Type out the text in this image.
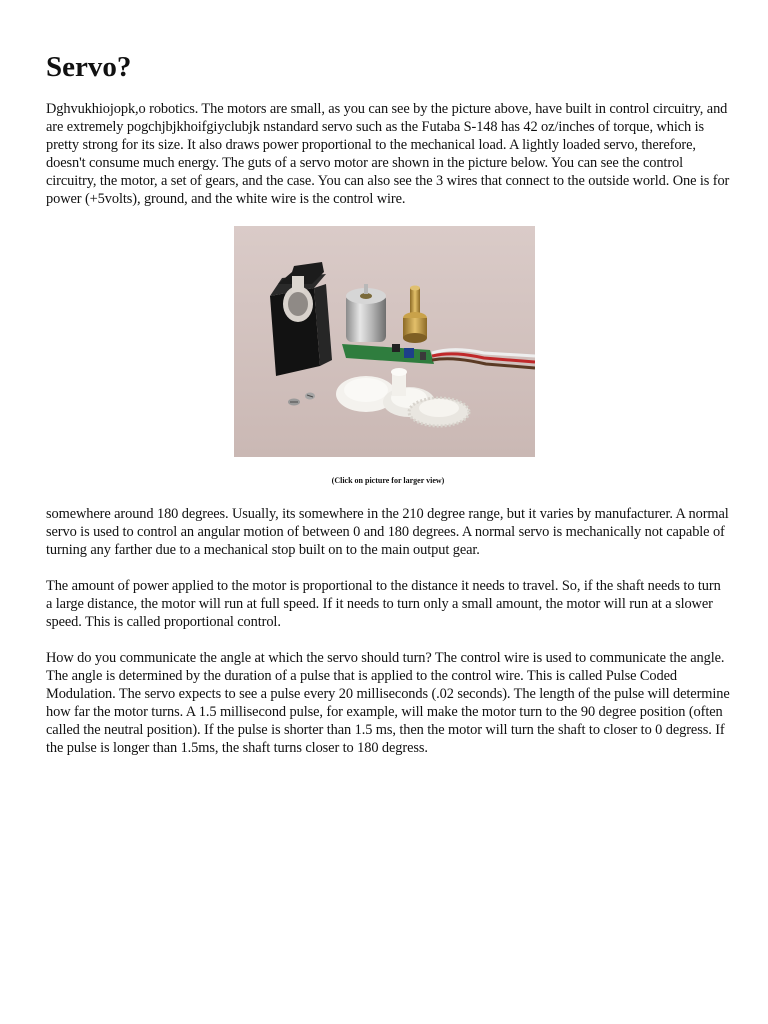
Servo?

Dghvukhiojopk,o robotics. The motors are small, as you can see by the picture above, have built in control circuitry, and are extremely pogchjbjkhoifgiyclubjk nstandard servo such as the Futaba S-148 has 42 oz/inches of torque, which is pretty strong for its size. It also draws power proportional to the mechanical load. A lightly loaded servo, therefore, doesn't consume much energy. The guts of a servo motor are shown in the picture below. You can see the control circuitry, the motor, a set of gears, and the case. You can also see the 3 wires that connect to the outside world. One is for power (+5volts), ground, and the white wire is the control wire.

(Click on picture for larger view)

somewhere around 180 degrees. Usually, its somewhere in the 210 degree range, but it varies by manufacturer. A normal servo is used to control an angular motion of between 0 and 180 degrees. A normal servo is mechanically not capable of turning any farther due to a mechanical stop built on to the main output gear.

The amount of power applied to the motor is proportional to the distance it needs to travel. So, if the shaft needs to turn a large distance, the motor will run at full speed. If it needs to turn only a small amount, the motor will run at a slower speed. This is called proportional control.

How do you communicate the angle at which the servo should turn? The control wire is used to communicate the angle. The angle is determined by the duration of a pulse that is applied to the control wire. This is called Pulse Coded Modulation. The servo expects to see a pulse every 20 milliseconds (.02 seconds). The length of the pulse will determine how far the motor turns. A 1.5 millisecond pulse, for example, will make the motor turn to the 90 degree position (often called the neutral position). If the pulse is shorter than 1.5 ms, then the motor will turn the shaft to closer to 0 degress. If the pulse is longer than 1.5ms, the shaft turns closer to 180 degress.
